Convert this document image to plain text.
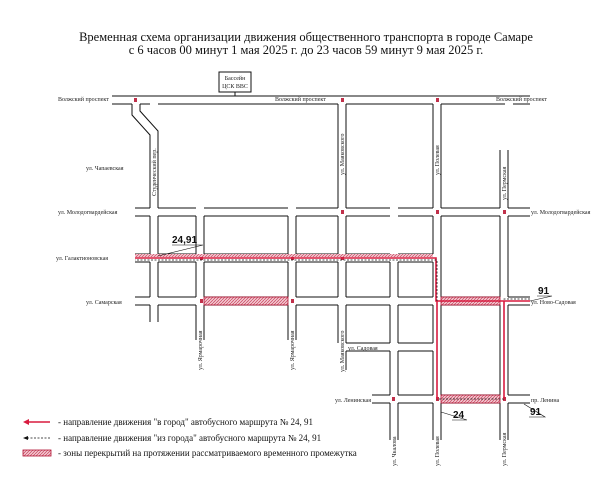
Временная схема организации движения общественного транспорта в городе Самаре
с 6 часов 00 минут 1 мая 2025 г. до 23 часов 59 минут 9 мая 2025 г.
Бассейн
ЦСК ВВС
24,91
91
24	91
Волжский проспект	Волжский проспект	Волжский проспект
ул. Чапаевская
ул. Молодогвардейская	ул. Молодогвардейская
ул. Галактионовская
ул. Самарская	ул. Ново-Садовая
ул. Садовая
ул. Ленинская	пр. Ленина
Студенческий пер.	ул. Маяковского	ул. Полевая
ул. Пермская
ул. Ярмарочная	ул. Ярмарочная	ул. Маяковского
ул. Чкалова	ул. Полевая	ул. Пермская
- направление движения "в город" автобусного маршрута № 24, 91
- направление движения "из города" автобусного маршрута № 24, 91
- зоны перекрытий на протяжении рассматриваемого временного промежутка
